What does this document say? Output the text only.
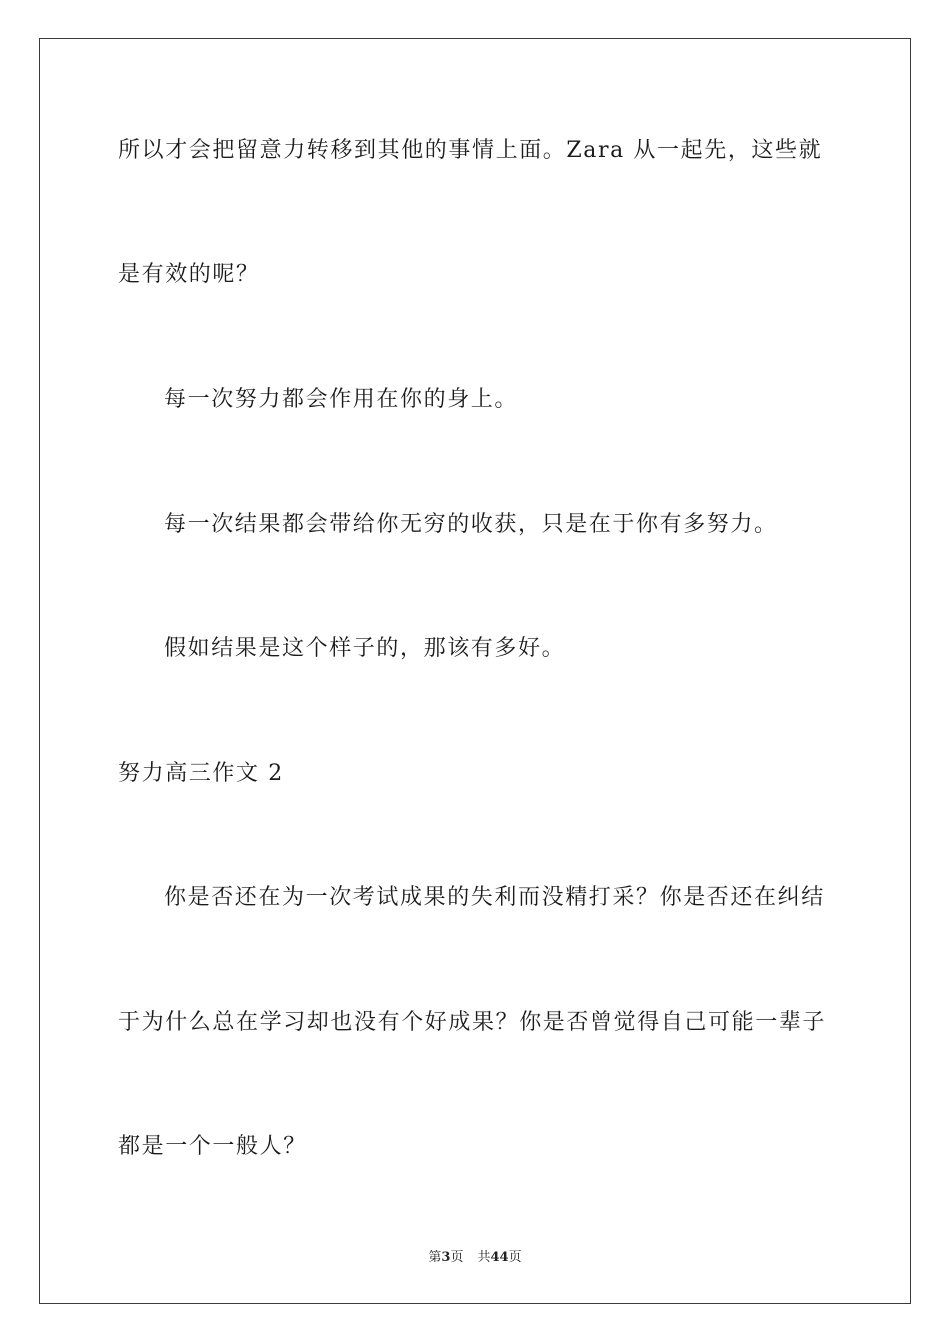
所以才会把留意力转移到其他的事情上面。Zara 从一起先，这些就
是有效的呢？
每一次努力都会作用在你的身上。
每一次结果都会带给你无穷的收获，只是在于你有多努力。
假如结果是这个样子的，那该有多好。
努力高三作文 2
你是否还在为一次考试成果的失利而没精打采？你是否还在纠结
于为什么总在学习却也没有个好成果？你是否曾觉得自己可能一辈子
都是一个一般人？
第3页 共44页
